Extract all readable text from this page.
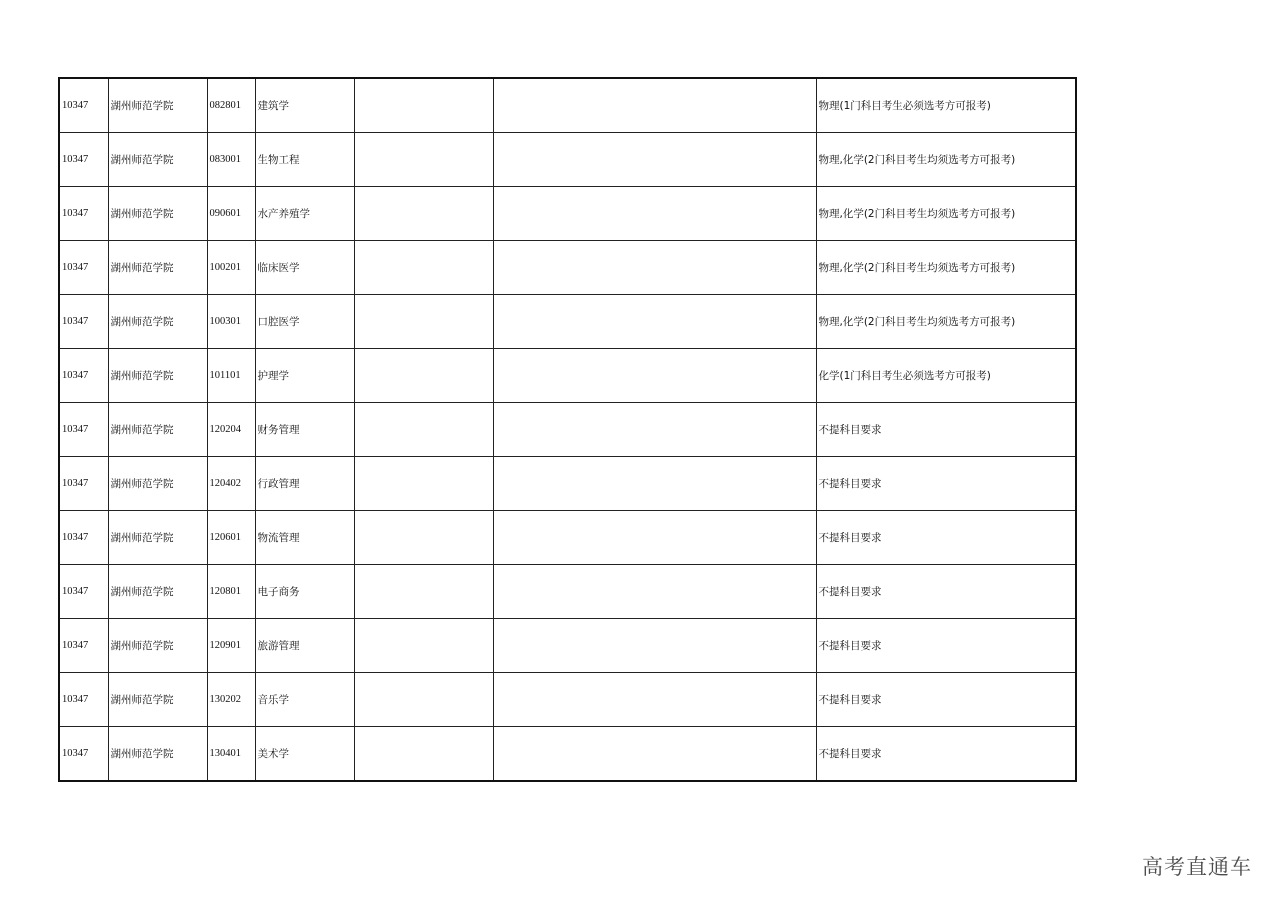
10347	湖州师范学院	082801	建筑学			物理(1门科目考生必须选考方可报考)
10347	湖州师范学院	083001	生物工程			物理,化学(2门科目考生均须选考方可报考)
10347	湖州师范学院	090601	水产养殖学			物理,化学(2门科目考生均须选考方可报考)
10347	湖州师范学院	100201	临床医学			物理,化学(2门科目考生均须选考方可报考)
10347	湖州师范学院	100301	口腔医学			物理,化学(2门科目考生均须选考方可报考)
10347	湖州师范学院	101101	护理学			化学(1门科目考生必须选考方可报考)
10347	湖州师范学院	120204	财务管理			不提科目要求
10347	湖州师范学院	120402	行政管理			不提科目要求
10347	湖州师范学院	120601	物流管理			不提科目要求
10347	湖州师范学院	120801	电子商务			不提科目要求
10347	湖州师范学院	120901	旅游管理			不提科目要求
10347	湖州师范学院	130202	音乐学			不提科目要求
10347	湖州师范学院	130401	美术学			不提科目要求
高考直通车
